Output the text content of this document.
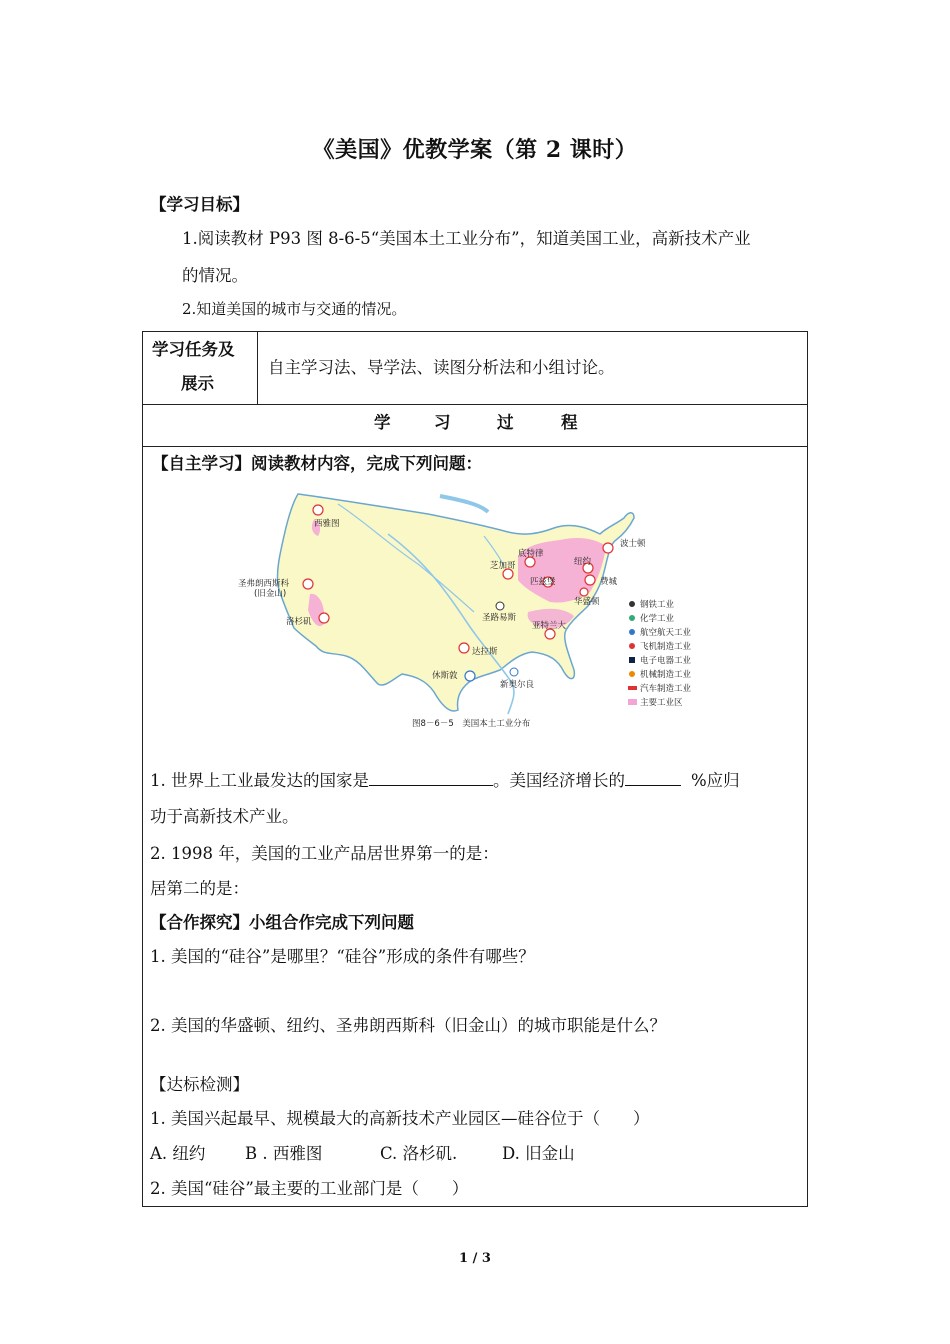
《美国》优教学案（第 2 课时）
【学习目标】
1.阅读教材 P93 图 8-6-5“美国本土工业分布”，知道美国工业，高新技术产业
的情况。
2.知道美国的城市与交通的情况。
学习任务及
展示
自主学习法、导学法、读图分析法和小组讨论。
学	习	过	程
【自主学习】阅读教材内容，完成下列问题：
西雅图
圣弗朗西斯科
(旧金山)
洛杉矶
底特律
芝加哥
匹兹堡
纽约
波士顿
费城
华盛顿
圣路易斯
亚特兰大
达拉斯
休斯敦
新奥尔良
钢铁工业
化学工业
航空航天工业
飞机制造工业
电子电器工业
机械制造工业
汽车制造工业
主要工业区
图8－6－5　美国本土工业分布
1. 世界上工业最发达的国家是	。美国经济增长的	%应归
功于高新技术产业。
2. 1998 年，美国的工业产品居世界第一的是：
居第二的是：
【合作探究】小组合作完成下列问题
1. 美国的“硅谷”是哪里？“硅谷”形成的条件有哪些？
2. 美国的华盛顿、纽约、圣弗朗西斯科（旧金山）的城市职能是什么？
【达标检测】
1. 美国兴起最早、规模最大的高新技术产业园区—硅谷位于（　　）
A. 纽约 B . 西雅图	C. 洛杉矶.	D. 旧金山
2. 美国“硅谷”最主要的工业部门是（　　）
1 / 3
